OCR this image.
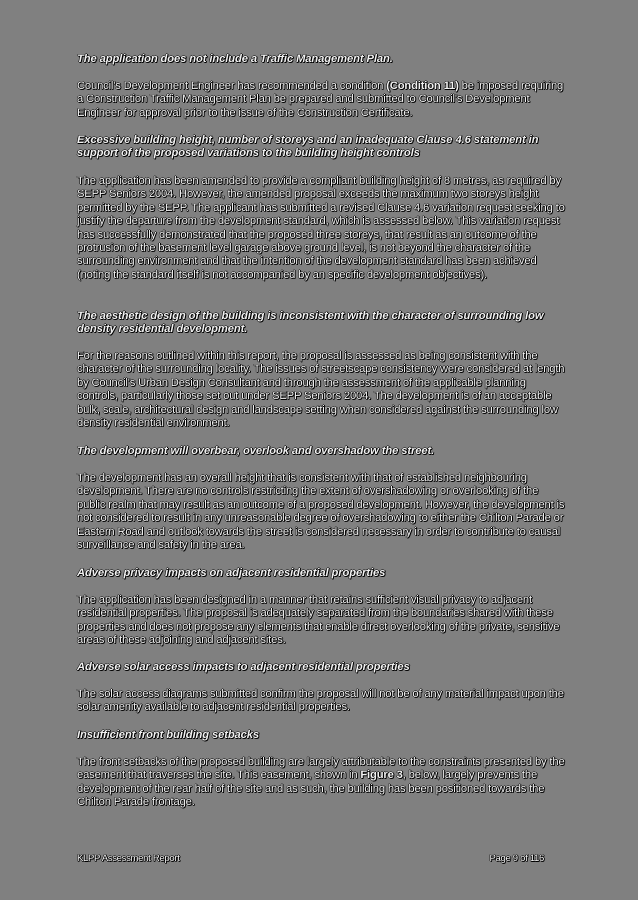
The application does not include a Traffic Management Plan.

Council's Development Engineer has recommended a condition (Condition 11) be imposed requiring a Construction Traffic Management Plan be prepared and submitted to Council's Development Engineer for approval prior to the issue of the Construction Certificate.

Excessive building height, number of storeys and an inadequate Clause 4.6 statement in support of the proposed variations to the building height controls

The application has been amended to provide a compliant building height of 8 metres, as required by SEPP Seniors 2004. However, the amended proposal exceeds the maximum two storeys height permitted by the SEPP. The applicant has submitted a revised Clause 4.6 variation request seeking to justify the departure from the development standard, which is assessed below. This variation request has successfully demonstrated that the proposed three storeys, that result as an outcome of the protrusion of the basement level garage above ground level, is not beyond the character of the surrounding environment and that the intention of the development standard has been achieved (noting the standard itself is not accompanied by an specific development objectives).

The aesthetic design of the building is inconsistent with the character of surrounding low density residential development.

For the reasons outlined within this report, the proposal is assessed as being consistent with the character of the surrounding locality. The issues of streetscape consistency were considered at length by Council's Urban Design Consultant and through the assessment of the applicable planning controls, particularly those set out under SEPP Seniors 2004. The development is of an acceptable bulk, scale, architectural design and landscape setting when considered against the surrounding low density residential environment.

The development will overbear, overlook and overshadow the street.

The development has an overall height that is consistent with that of established neighbouring development. There are no controls restricting the extent of overshadowing or overlooking of the public realm that may result as an outcome of a proposed development. However, the development is not considered to result in any unreasonable degree of overshadowing to either the Chilton Parade or Eastern Road and outlook towards the street is considered necessary in order to contribute to causal surveillance and safety in the area.

Adverse privacy impacts on adjacent residential properties

The application has been designed in a manner that retains sufficient visual privacy to adjacent residential properties. The proposal is adequately separated from the boundaries shared with these properties and does not propose any elements that enable direct overlooking of the private, sensitive areas of these adjoining and adjacent sites.

Adverse solar access impacts to adjacent residential properties

The solar access diagrams submitted confirm the proposal will not be of any material impact upon the solar amenity available to adjacent residential properties.

Insufficient front building setbacks

The front setbacks of the proposed building are largely attributable to the constraints presented by the easement that traverses the site. This easement, shown in Figure 3, below, largely prevents the development of the rear half of the site and as such, the building has been positioned towards the Chilton Parade frontage.

KLPP Assessment Report	Page 9 of 116
